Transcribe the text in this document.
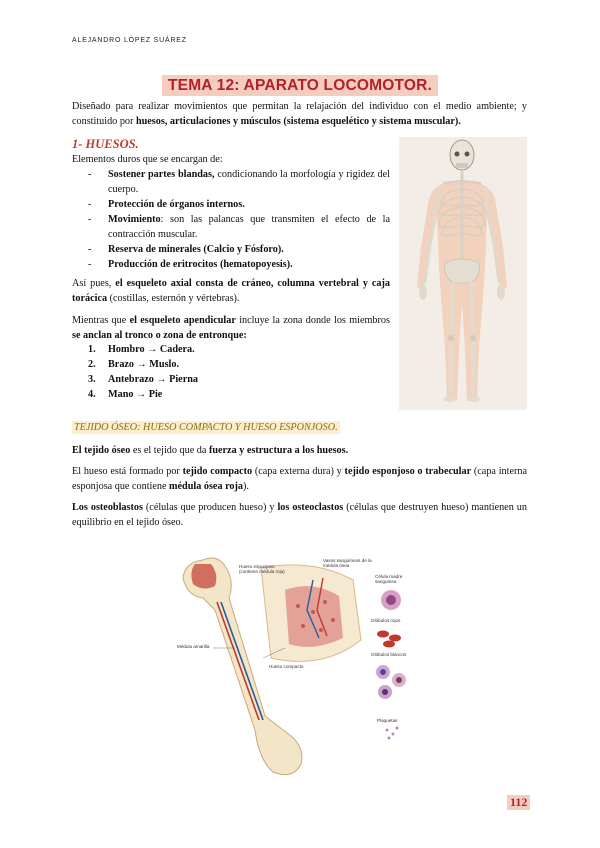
ALEJANDRO LÓPEZ SUÁREZ
TEMA 12: APARATO LOCOMOTOR.
Diseñado para realizar movimientos que permitan la relajación del individuo con el medio ambiente; y constituido por huesos, articulaciones y músculos (sistema esquelético y sistema muscular).
1- HUESOS.
Elementos duros que se encargan de:
- Sostener partes blandas, condicionando la morfología y rigidez del cuerpo.
- Protección de órganos internos.
- Movimiento: son las palancas que transmiten el efecto de la contracción muscular.
- Reserva de minerales (Calcio y Fósforo).
- Producción de eritrocitos (hematopoyesis).
Así pues, el esqueleto axial consta de cráneo, columna vertebral y caja torácica (costillas, esternón y vértebras).
Mientras que el esqueleto apendicular incluye la zona donde los miembros se anclan al tronco o zona de entronque:
1. Hombro → Cadera.
2. Brazo → Muslo.
3. Antebrazo → Pierna
4. Mano → Pie
TEJIDO ÓSEO: HUESO COMPACTO Y HUESO ESPONJOSO.
El tejido óseo es el tejido que da fuerza y estructura a los huesos.
El hueso está formado por tejido compacto (capa externa dura) y tejido esponjoso o trabecular (capa interna esponjosa que contiene médula ósea roja).
Los osteoblastos (células que producen hueso) y los osteoclastos (células que destruyen hueso) mantienen un equilibrio en el tejido óseo.
Hueso esponjoso (contiene médula roja)
Vasos sanguíneos de la médula ósea
Célula madre sanguínea
Glóbulos rojos
Médula amarilla
Glóbulos blancos
Hueso compacto
Plaquetas
112
